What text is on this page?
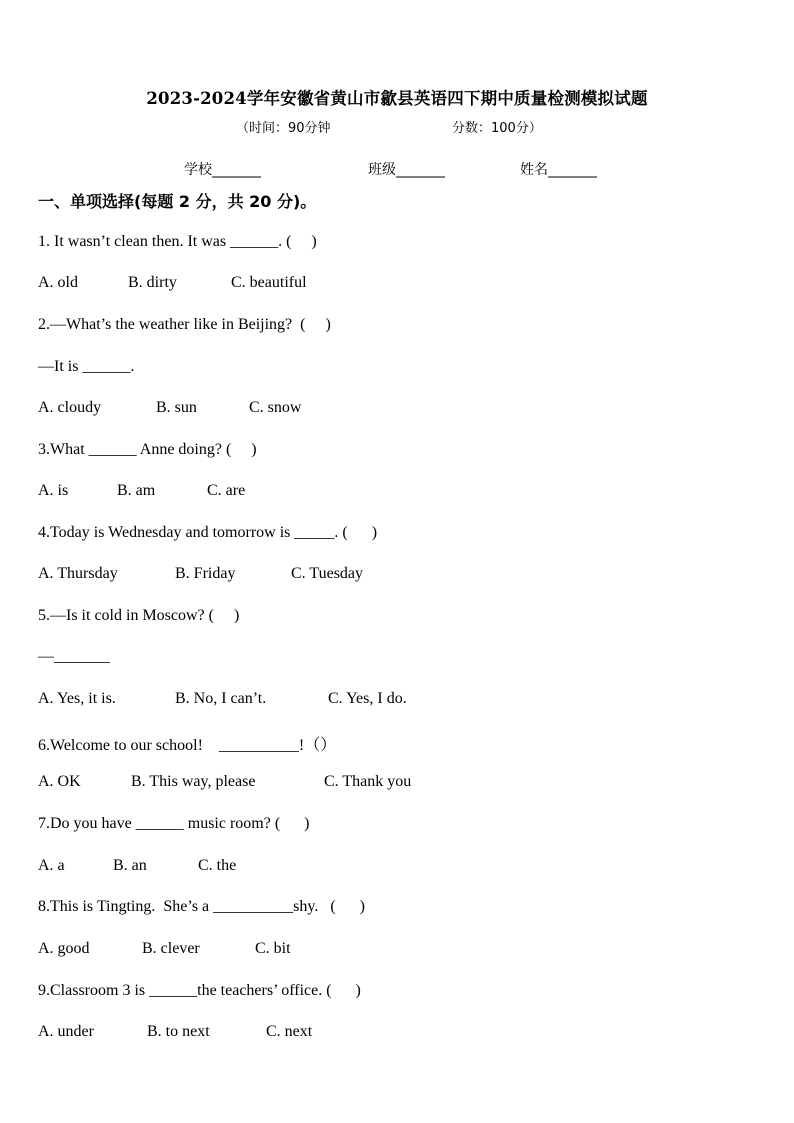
2023-2024学年安徽省黄山市歙县英语四下期中质量检测模拟试题
（时间：90分钟	分数：100分）
学校_______	班级_______	姓名_______
一、单项选择(每题 2 分，共 20 分)。
1. It wasn’t clean then. It was ______. (     )
A. old	B. dirty	C. beautiful
2.—What’s the weather like in Beijing?  (     )
—It is ______.
A. cloudy	B. sun	C. snow
3.What ______ Anne doing? (     )
A. is	B. am	C. are
4.Today is Wednesday and tomorrow is _____. (      )
A. Thursday	B. Friday	C. Tuesday
5.—Is it cold in Moscow? (     )
—_______
A. Yes, it is.	B. No, I can’t.	C. Yes, I do.
6.Welcome to our school!    __________!（）
A. OK	B. This way, please	C. Thank you
7.Do you have ______ music room? (      )
A. a	B. an	C. the
8.This is Tingting.  She’s a __________shy.   (      )
A. good	B. clever	C. bit
9.Classroom 3 is ______the teachers’ office. (      )
A. under	B. to next	C. next
